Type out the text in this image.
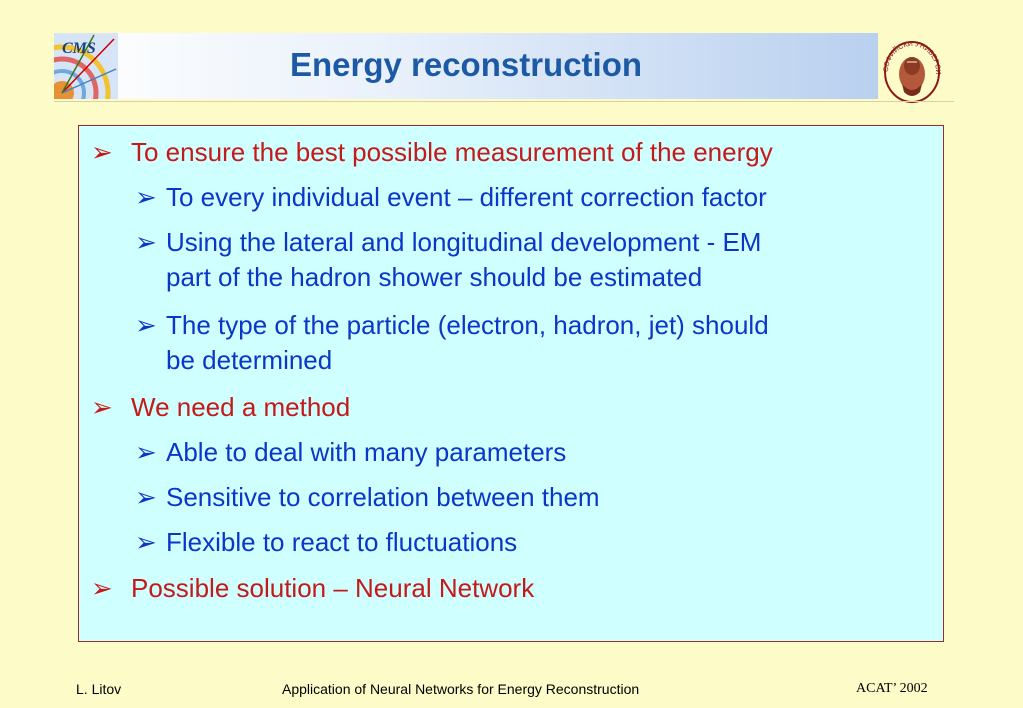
Energy reconstruction
CMS
СОФИЙСКИ УНИВЕРСИ
➢ To ensure the best possible measurement of the energy
➢ To every individual event – different correction factor
➢ Using the lateral and longitudinal development - EM
part of the hadron shower should be estimated
➢ The type of the particle (electron, hadron, jet) should
be determined
➢ We need a method
➢ Able to deal with many parameters
➢ Sensitive to correlation between them
➢ Flexible to react to fluctuations
➢ Possible solution – Neural Network
L. Litov	Application of Neural Networks for Energy Reconstruction	ACAT’ 2002
